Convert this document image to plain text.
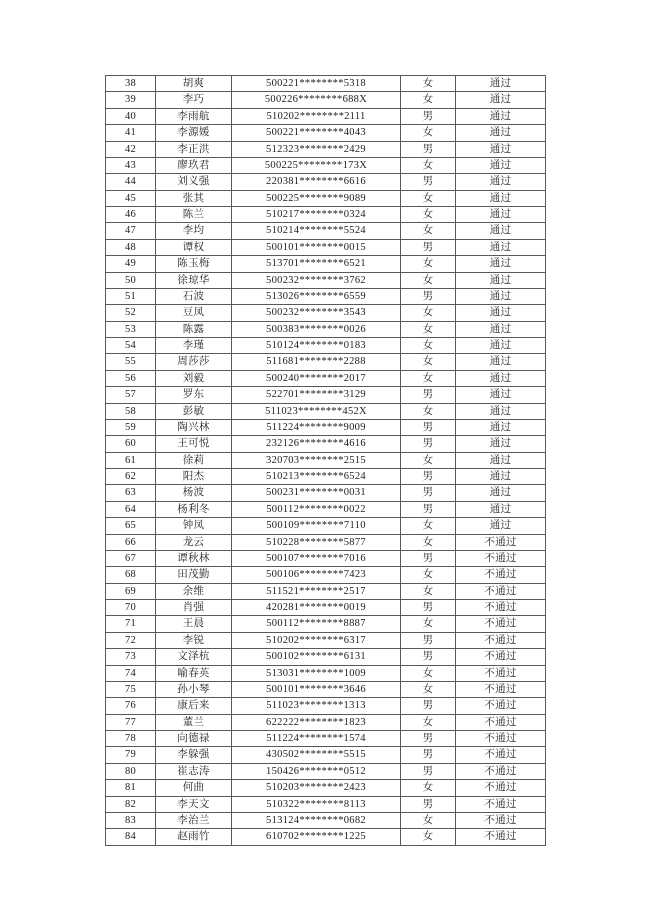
38	胡爽	500221********5318	女	通过
39	李巧	500226********688X	女	通过
40	李雨航	510202********2111	男	通过
41	李源媛	500221********4043	女	通过
42	李正洪	512323********2429	男	通过
43	廖玖君	500225********173X	女	通过
44	刘义强	220381********6616	男	通过
45	张其	500225********9089	女	通过
46	陈兰	510217********0324	女	通过
47	李均	510214********5524	女	通过
48	谭权	500101********0015	男	通过
49	陈玉梅	513701********6521	女	通过
50	徐琼华	500232********3762	女	通过
51	石波	513026********6559	男	通过
52	豆凤	500232********3543	女	通过
53	陈露	500383********0026	女	通过
54	李瑾	510124********0183	女	通过
55	周莎莎	511681********2288	女	通过
56	刘毅	500240********2017	女	通过
57	罗东	522701********3129	男	通过
58	彭敏	511023********452X	女	通过
59	陶兴林	511224********9009	男	通过
60	王可悦	232126********4616	男	通过
61	徐莉	320703********2515	女	通过
62	阳杰	510213********6524	男	通过
63	杨波	500231********0031	男	通过
64	杨利冬	500112********0022	男	通过
65	钟凤	500109********7110	女	通过
66	龙云	510228********5877	女	不通过
67	谭秋林	500107********7016	男	不通过
68	田茂勤	500106********7423	女	不通过
69	余维	511521********2517	女	不通过
70	肖强	420281********0019	男	不通过
71	王晨	500112********8887	女	不通过
72	李锐	510202********6317	男	不通过
73	文泽杭	500102********6131	男	不通过
74	喻春英	513031********1009	女	不通过
75	孙小琴	500101********3646	女	不通过
76	康后来	511023********1313	男	不通过
77	董兰	622222********1823	女	不通过
78	向德禄	511224********1574	男	不通过
79	李躲强	430502********5515	男	不通过
80	崔志涛	150426********0512	男	不通过
81	何曲	510203********2423	女	不通过
82	李天文	510322********8113	男	不通过
83	李治兰	513124********0682	女	不通过
84	赵雨竹	610702********1225	女	不通过
